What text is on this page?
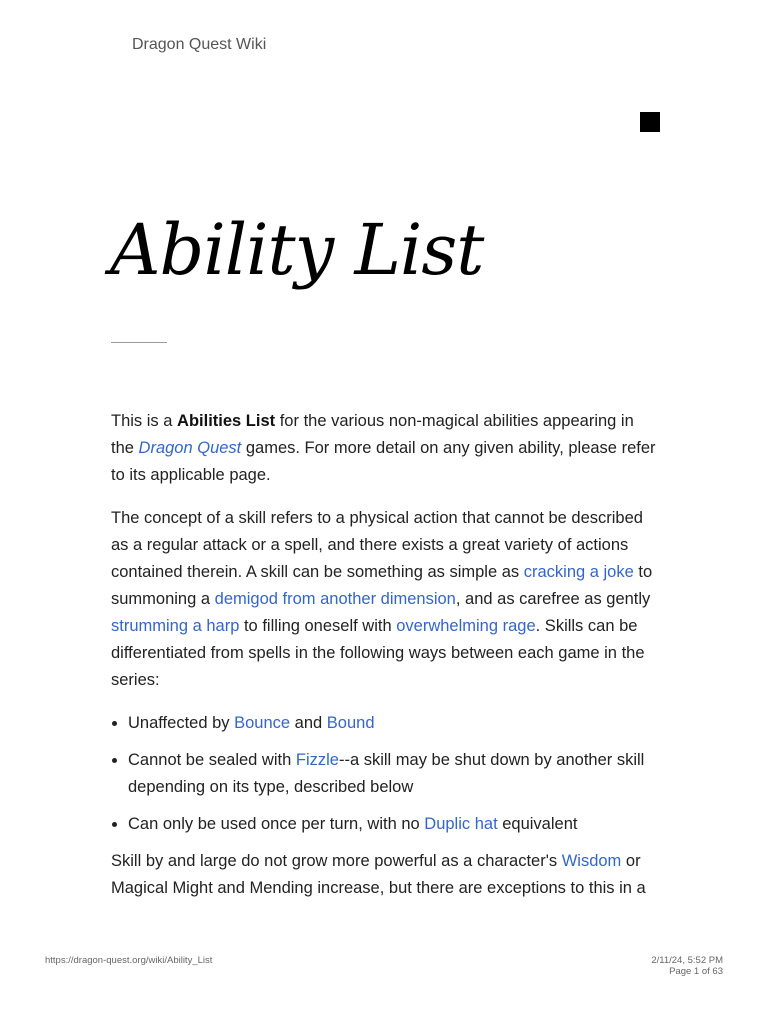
Dragon Quest Wiki
Ability List

This is a Abilities List for the various non-magical abilities appearing in the Dragon Quest games. For more detail on any given ability, please refer to its applicable page.

The concept of a skill refers to a physical action that cannot be described as a regular attack or a spell, and there exists a great variety of actions contained therein. A skill can be something as simple as cracking a joke to summoning a demigod from another dimension, and as carefree as gently strumming a harp to filling oneself with overwhelming rage. Skills can be differentiated from spells in the following ways between each game in the series:

• Unaffected by Bounce and Bound
• Cannot be sealed with Fizzle--a skill may be shut down by another skill depending on its type, described below
• Can only be used once per turn, with no Duplic hat equivalent

Skill by and large do not grow more powerful as a character's Wisdom or Magical Might and Mending increase, but there are exceptions to this in a

https://dragon-quest.org/wiki/Ability_List	2/11/24, 5:52 PM
Page 1 of 63
